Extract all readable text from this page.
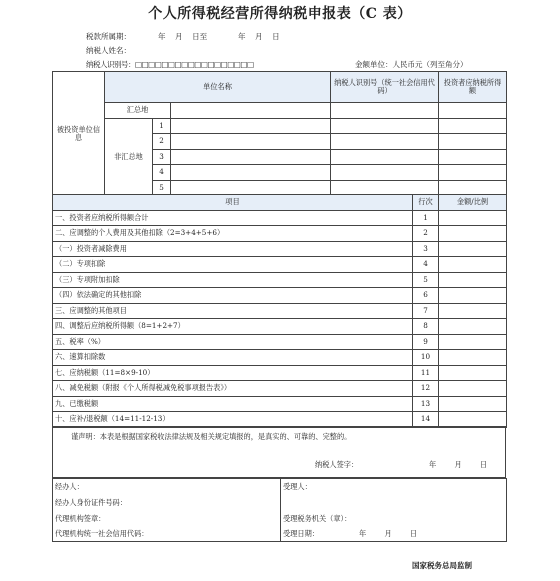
个人所得税经营所得纳税申报表（C 表）
税款所属期：	年    月    日至	年    月    日
纳税人姓名：
纳税人识别号：□□□□□□□□□□□□□□□□□□	金额单位：人民币元（列至角分）
被投资单位信息	单位名称			纳税人识别号（统一社会信用代码）	投资者应纳税所得额
	汇总地				
	非汇总地	1			
		2			
		3			
		4			
		5			
项目	行次	金额/比例
一、投资者应纳税所得额合计	1	
二、应调整的个人费用及其他扣除（2=3+4+5+6）	2	
（一）投资者减除费用	3	
（二）专项扣除	4	
（三）专项附加扣除	5	
（四）依法确定的其他扣除	6	
三、应调整的其他项目	7	
四、调整后应纳税所得额（8=1+2+7）	8	
五、税率（%）	9	
六、速算扣除数	10	
七、应纳税额（11=8×9-10）	11	
八、减免税额（附报《个人所得税减免税事项报告表》）	12	
九、已缴税额	13	
十、应补/退税额（14=11-12-13）	14	
谨声明：本表是根据国家税收法律法规及相关规定填报的，是真实的、可靠的、完整的。
纳税人签字：	年        月        日
经办人：
经办人身份证件号码：
代理机构签章：
代理机构统一社会信用代码：

受理人：
受理税务机关（章）：
受理日期：	年        月        日
国家税务总局监制
